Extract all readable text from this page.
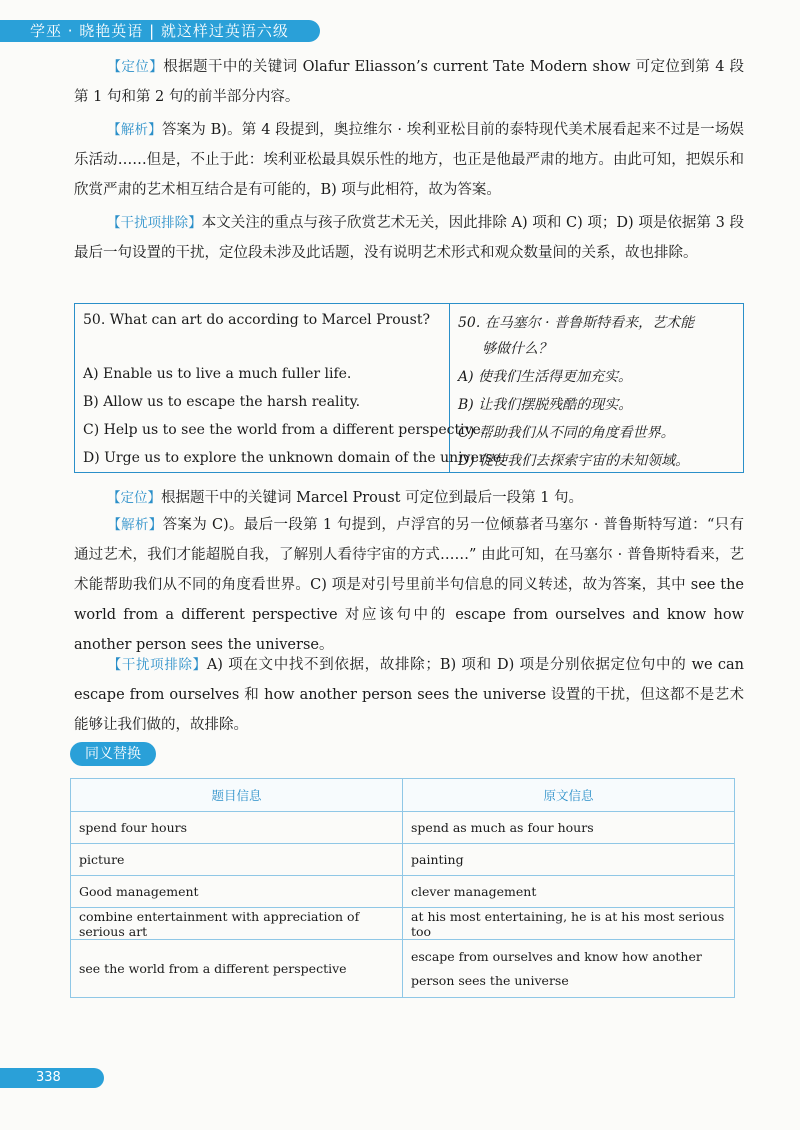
学巫 · 晓艳英语 | 就这样过英语六级
【定位】根据题干中的关键词 Olafur Eliasson’s current Tate Modern show 可定位到第 4 段第 1 句和第 2 句的前半部分内容。
【解析】答案为 B)。第 4 段提到，奥拉维尔 · 埃利亚松目前的泰特现代美术展看起来不过是一场娱乐活动……但是，不止于此：埃利亚松最具娱乐性的地方，也正是他最严肃的地方。由此可知，把娱乐和欣赏严肃的艺术相互结合是有可能的，B) 项与此相符，故为答案。
【干扰项排除】本文关注的重点与孩子欣赏艺术无关，因此排除 A) 项和 C) 项；D) 项是依据第 3 段最后一句设置的干扰，定位段未涉及此话题，没有说明艺术形式和观众数量间的关系，故也排除。
50. What can art do according to Marcel Proust?
A) Enable us to live a much fuller life.
B) Allow us to escape the harsh reality.
C) Help us to see the world from a different perspective.
D) Urge us to explore the unknown domain of the universe.
50. 在马塞尔 · 普鲁斯特看来，艺术能
够做什么？
A) 使我们生活得更加充实。
B) 让我们摆脱残酷的现实。
C) 帮助我们从不同的角度看世界。
D) 促使我们去探索宇宙的未知领域。
【定位】根据题干中的关键词 Marcel Proust 可定位到最后一段第 1 句。
【解析】答案为 C)。最后一段第 1 句提到，卢浮宫的另一位倾慕者马塞尔 · 普鲁斯特写道：“只有通过艺术，我们才能超脱自我，了解别人看待宇宙的方式……” 由此可知，在马塞尔 · 普鲁斯特看来，艺术能帮助我们从不同的角度看世界。C) 项是对引号里前半句信息的同义转述，故为答案，其中 see the world from a different perspective 对应该句中的 escape from ourselves and know how another person sees the universe。
【干扰项排除】A) 项在文中找不到依据，故排除；B) 项和 D) 项是分别依据定位句中的 we can escape from ourselves 和 how another person sees the universe 设置的干扰，但这都不是艺术能够让我们做的，故排除。
同义替换
题目信息	原文信息
spend four hours	spend as much as four hours
picture	painting
Good management	clever management
combine entertainment with appreciation of serious art	at his most entertaining, he is at his most serious too
see the world from a different perspective	escape from ourselves and know how another person sees the universe
338
